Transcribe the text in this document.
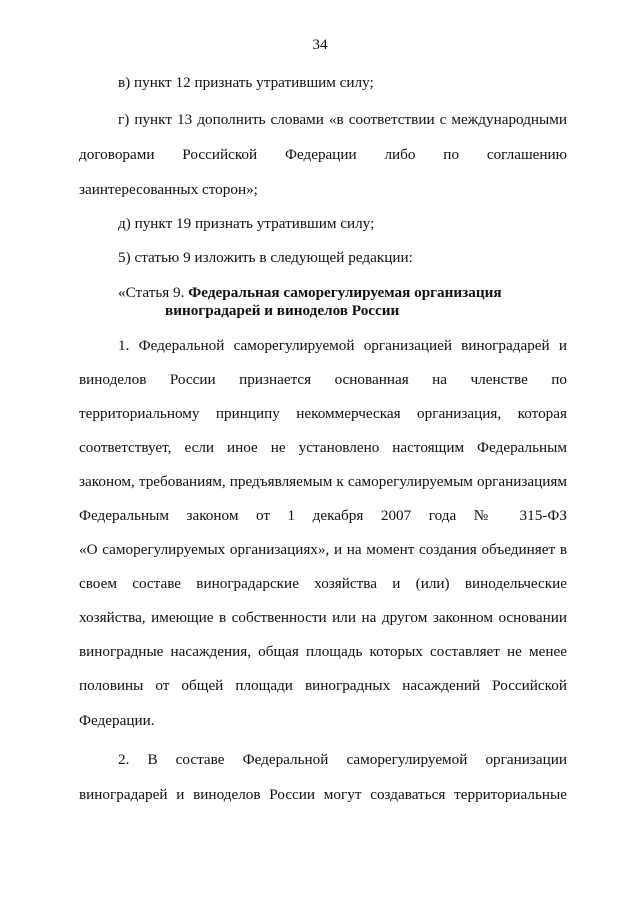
34
в) пункт 12 признать утратившим силу;
г) пункт 13 дополнить словами «в соответствии с международными
договорами Российской Федерации либо по соглашению
заинтересованных сторон»;
д) пункт 19 признать утратившим силу;
5) статью 9 изложить в следующей редакции:
«Статья 9. Федеральная саморегулируемая организация
виноградарей и виноделов России
1. Федеральной саморегулируемой организацией виноградарей и
виноделов России признается основанная на членстве по
территориальному принципу некоммерческая организация, которая
соответствует, если иное не установлено настоящим Федеральным
законом, требованиям, предъявляемым к саморегулируемым организациям
Федеральным законом от 1 декабря 2007 года № 315-ФЗ
«О саморегулируемых организациях», и на момент создания объединяет в
своем составе виноградарские хозяйства и (или) винодельческие
хозяйства, имеющие в собственности или на другом законном основании
виноградные насаждения, общая площадь которых составляет не менее
половины от общей площади виноградных насаждений Российской
Федерации.
2. В составе Федеральной саморегулируемой организации
виноградарей и виноделов России могут создаваться территориальные
